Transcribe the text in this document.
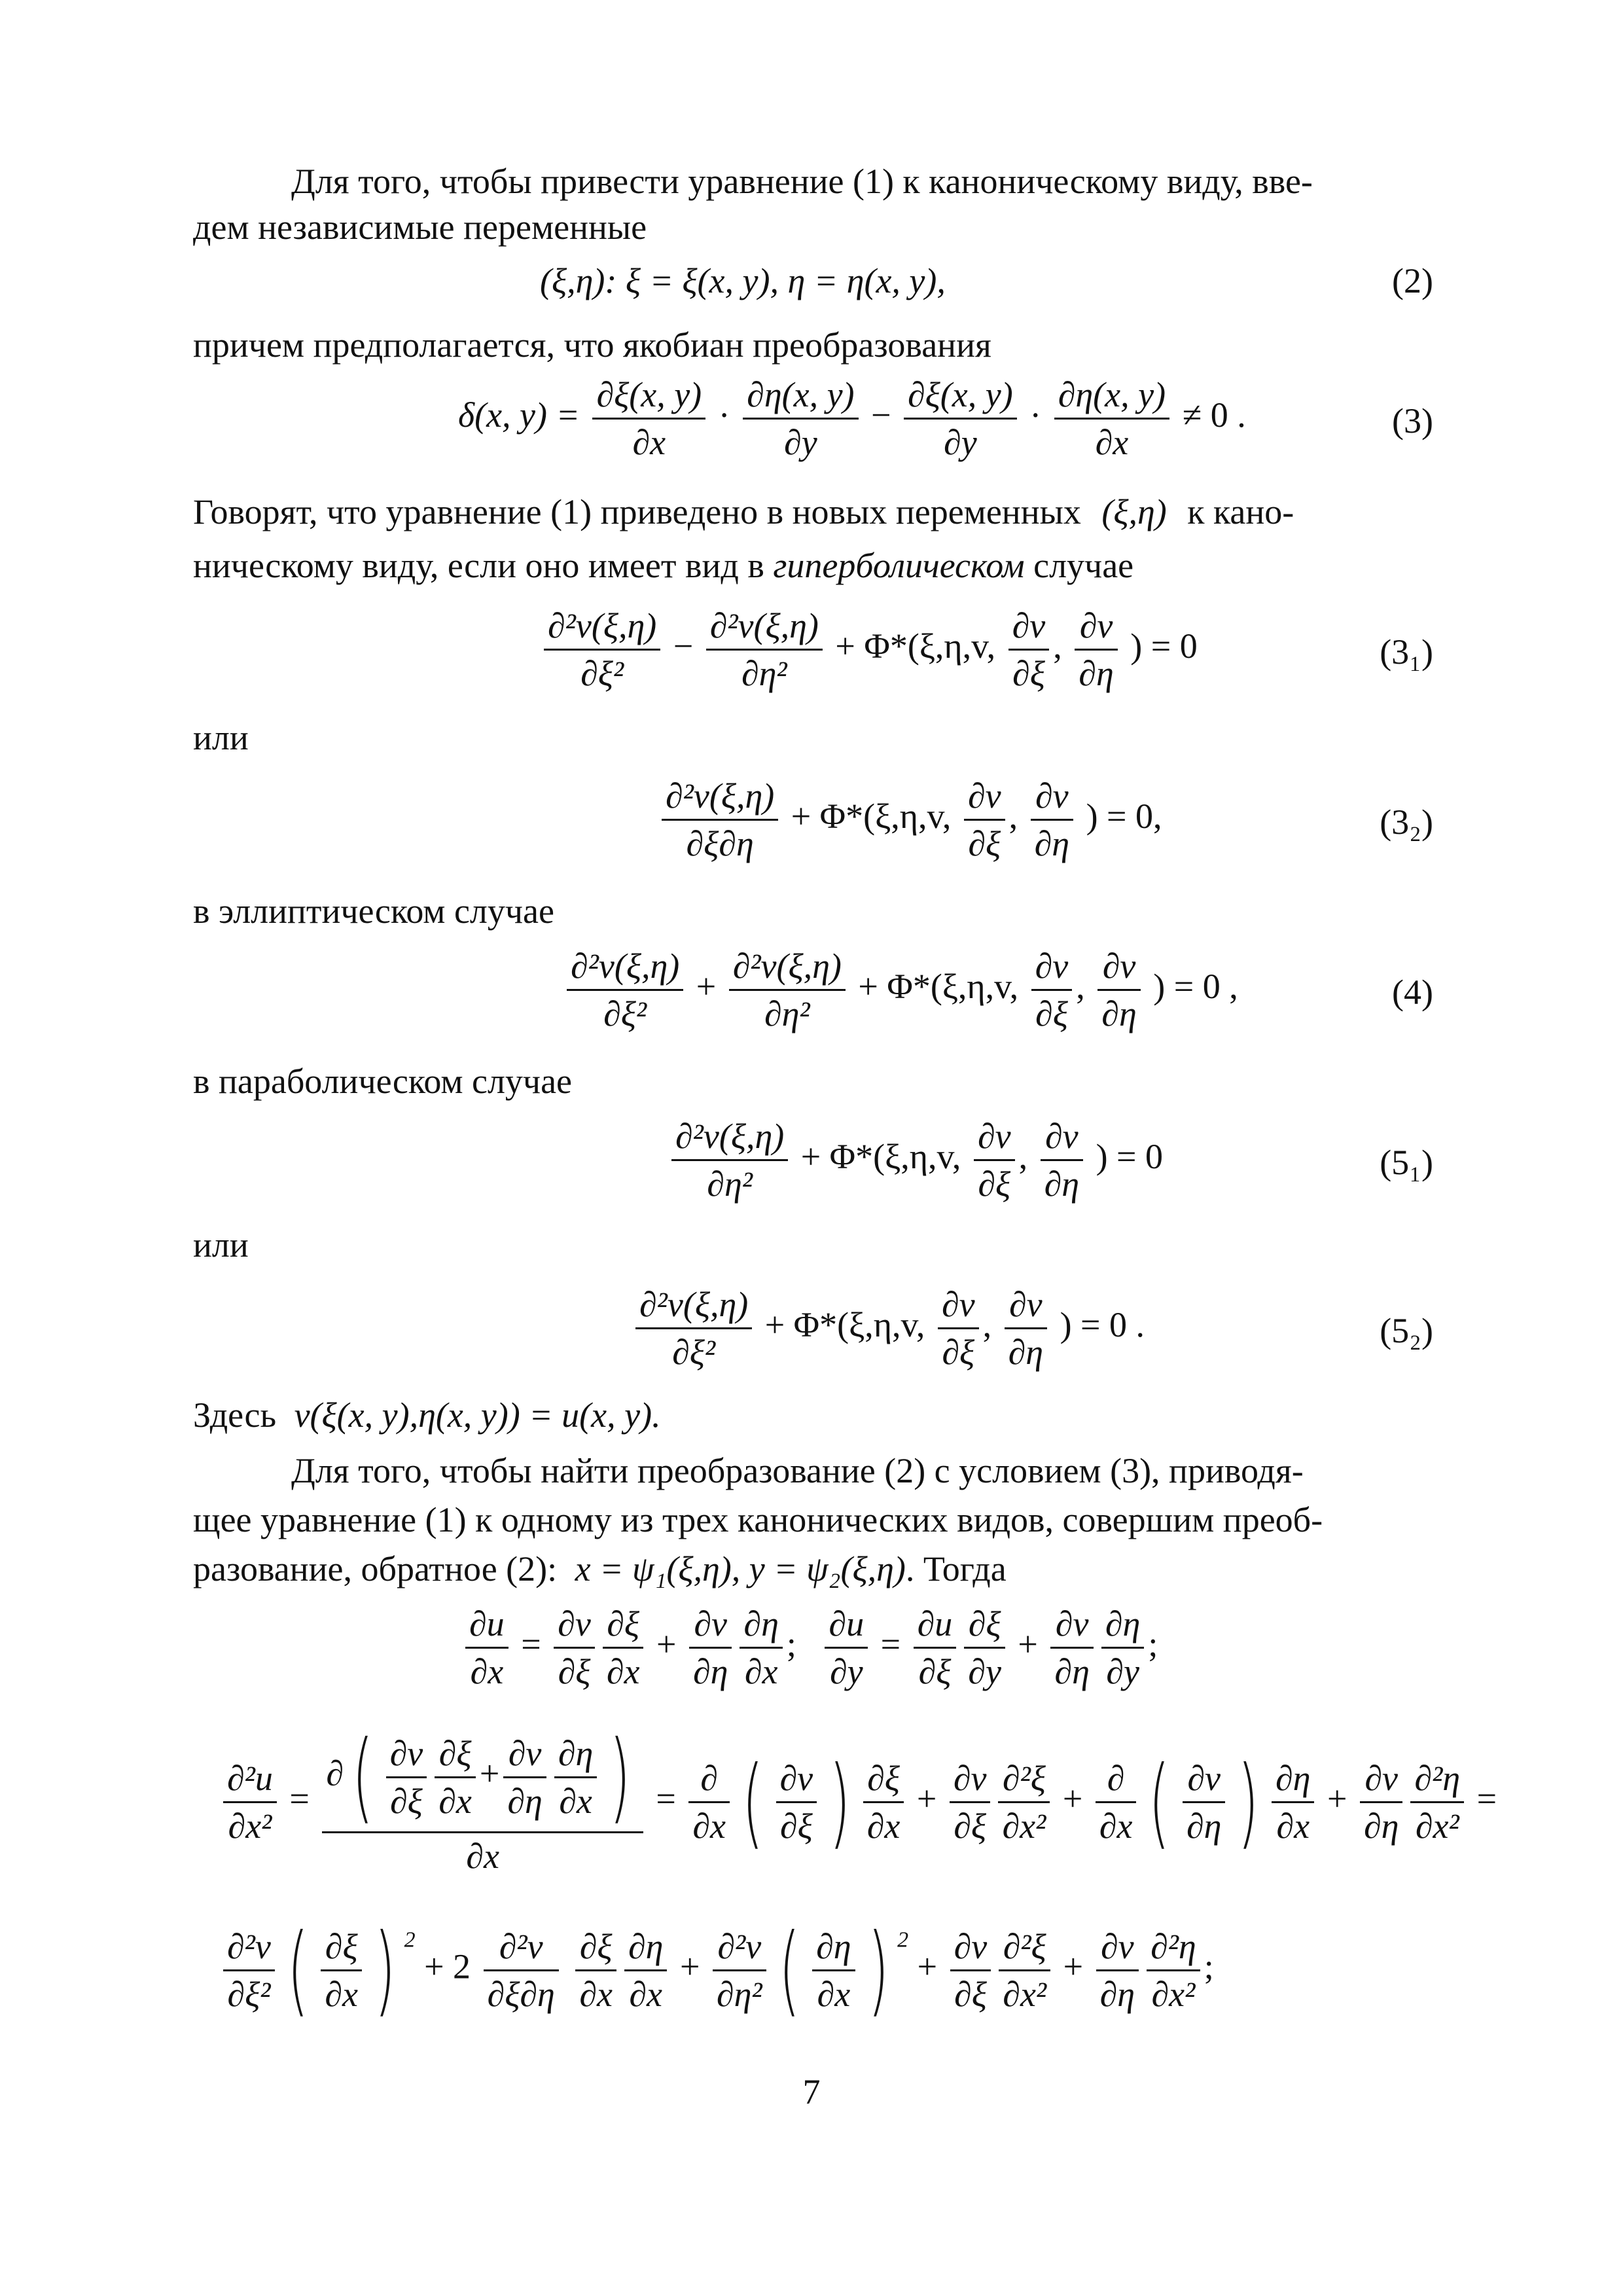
Для того, чтобы привести уравнение (1) к каноническому виду, вве-
дем независимые переменные
(ξ,η): ξ = ξ(x, y), η = η(x, y),	(2)
причем предполагается, что якобиан преобразования
δ(x, $y) = \frac{\partial\xi(x, y)}{\partial x} \cdot \frac{\partial\eta(x, y)}{\partial y} - \frac{\partial\xi(x, y)}{\partial y} \cdot \frac{\partial\eta(x, y)}{\partial x} \ne 0$ .	(3)
Говорят, что уравнение (1) приведено в новых переменных (ξ,η) к кано-
ническому виду, если оно имеет вид в гиперболическом случае
$\frac{\text{∂²v(ξ,η)}}{\text{∂ξ²}} - \frac{\text{∂²v(ξ,η)}}{\text{∂η²}} + \Phi*(\xi,\eta,v$, $\frac{\partial v}{\partial\xi}$ , $\frac{\partial v}{\partial\eta}$ ) = 0	(3₁)
или
$\frac{\text{∂²v(ξ,η)}}{\partial\xi\partial\eta} + \Phi*(\xi,\eta,v$, $\frac{\partial v}{\partial\xi}$ , $\frac{\partial v}{\partial\eta}$ ) = 0,	(3₂)
в эллиптическом случае
$\frac{\text{∂²v(ξ,η)}}{\text{∂ξ²}} + \frac{\text{∂²v(ξ,η)}}{\text{∂η²}} + \Phi*(\xi,\eta,v$, $\frac{\partial v}{\partial\xi}$ , $\frac{\partial v}{\partial\eta}$ ) = 0 ,	(4)
в параболическом случае
$\frac{\text{∂²v(ξ,η)}}{\text{∂η²}} + \Phi*(\xi,\eta,v$, $\frac{\partial v}{\partial\xi}$ , $\frac{\partial v}{\partial\eta}$ ) = 0	(5₁)
или
$\frac{\text{∂²v(ξ,η)}}{\text{∂ξ²}} + \Phi*(\xi,\eta,v$, $\frac{\partial v}{\partial\xi}$ , $\frac{\partial v}{\partial\eta}$ ) = 0 .	(5₂)
Здесь v(ξ(x, y),η(x, y)) = u(x, y).
Для того, чтобы найти преобразование (2) с условием (3), приводя-
щее уравнение (1) к одному из трех канонических видов, совершим преоб-
разование, обратное (2): x = ψ₁(ξ,η), y = ψ₂(ξ,η). Тогда
$\frac{\partial u}{\partial x} = \frac{\partial v}{\partial\xi} \frac{\partial\xi}{\partial x} + \frac{\partial v}{\partial\eta} \frac{\partial\eta}{\partial x}$ ; $\frac{\partial u}{\partial y} = \frac{\partial u}{\partial\xi} \frac{\partial\xi}{\partial y} + \frac{\partial v}{\partial\eta} \frac{\partial\eta}{\partial y}$ ;
$\frac{\text{∂²u}}{\text{∂x²}} = \frac{\partial( \frac{\partial v}{\partial\xi} \frac{\partial\xi}{\partial x} + \frac{\partial v}{\partial\eta} \frac{\partial\eta}{\partial x} )}{\partial x} = \frac{\partial}{\partial x}$ ( $\frac{\partial v}{\partial\xi}$ ) $\frac{\partial\xi}{\partial x} + \frac{\partial v}{\partial\xi} \frac{\text{∂²ξ}}{\text{∂x²}} + \frac{\partial}{\partial x}$ ( $\frac{\partial v}{\partial\eta}$ ) $\frac{\partial\eta}{\partial x} + \frac{\partial v}{\partial\eta} \frac{\text{∂²η}}{\text{∂x²}}$ =
$\frac{\text{∂²v}}{\text{∂ξ²}}$ ( $\frac{\partial\xi}{\partial x}$ ) $^2 + 2 \frac{\text{∂²v}}{\partial\xi\partial\eta}$
$\frac{\partial\xi}{\partial x} \frac{\partial\eta}{\partial x} + \frac{\text{∂²v}}{\text{∂η²}}$ ( $\frac{\partial\eta}{\partial x}$ ) $^2 + \frac{\partial v}{\partial\xi} \frac{\text{∂²ξ}}{\text{∂x²}} + \frac{\partial v}{\partial\eta} \frac{\text{∂²η}}{\text{∂x²}}$ ;
7
